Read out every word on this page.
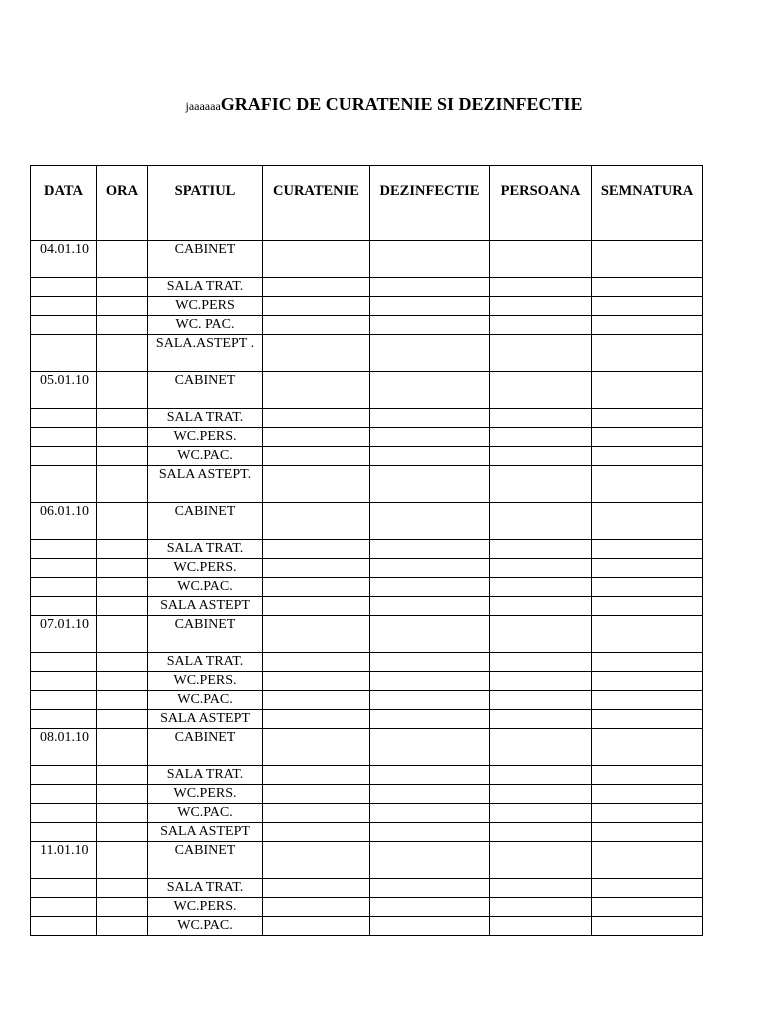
jaaaaaaGRAFIC DE CURATENIE SI DEZINFECTIE
DATA	ORA	SPATIUL	CURATENIE	DEZINFECTIE	PERSOANA	SEMNATURA
04.01.10		CABINET				
		SALA TRAT.				
		WC.PERS				
		WC. PAC.				
		SALA.ASTEPT .				
05.01.10		CABINET				
		SALA TRAT.				
		WC.PERS.				
		WC.PAC.				
		SALA ASTEPT.				
06.01.10		CABINET				
		SALA TRAT.				
		WC.PERS.				
		WC.PAC.				
		SALA ASTEPT				
07.01.10		CABINET				
		SALA TRAT.				
		WC.PERS.				
		WC.PAC.				
		SALA ASTEPT				
08.01.10		CABINET				
		SALA TRAT.				
		WC.PERS.				
		WC.PAC.				
		SALA ASTEPT				
11.01.10		CABINET				
		SALA TRAT.				
		WC.PERS.				
		WC.PAC.				
